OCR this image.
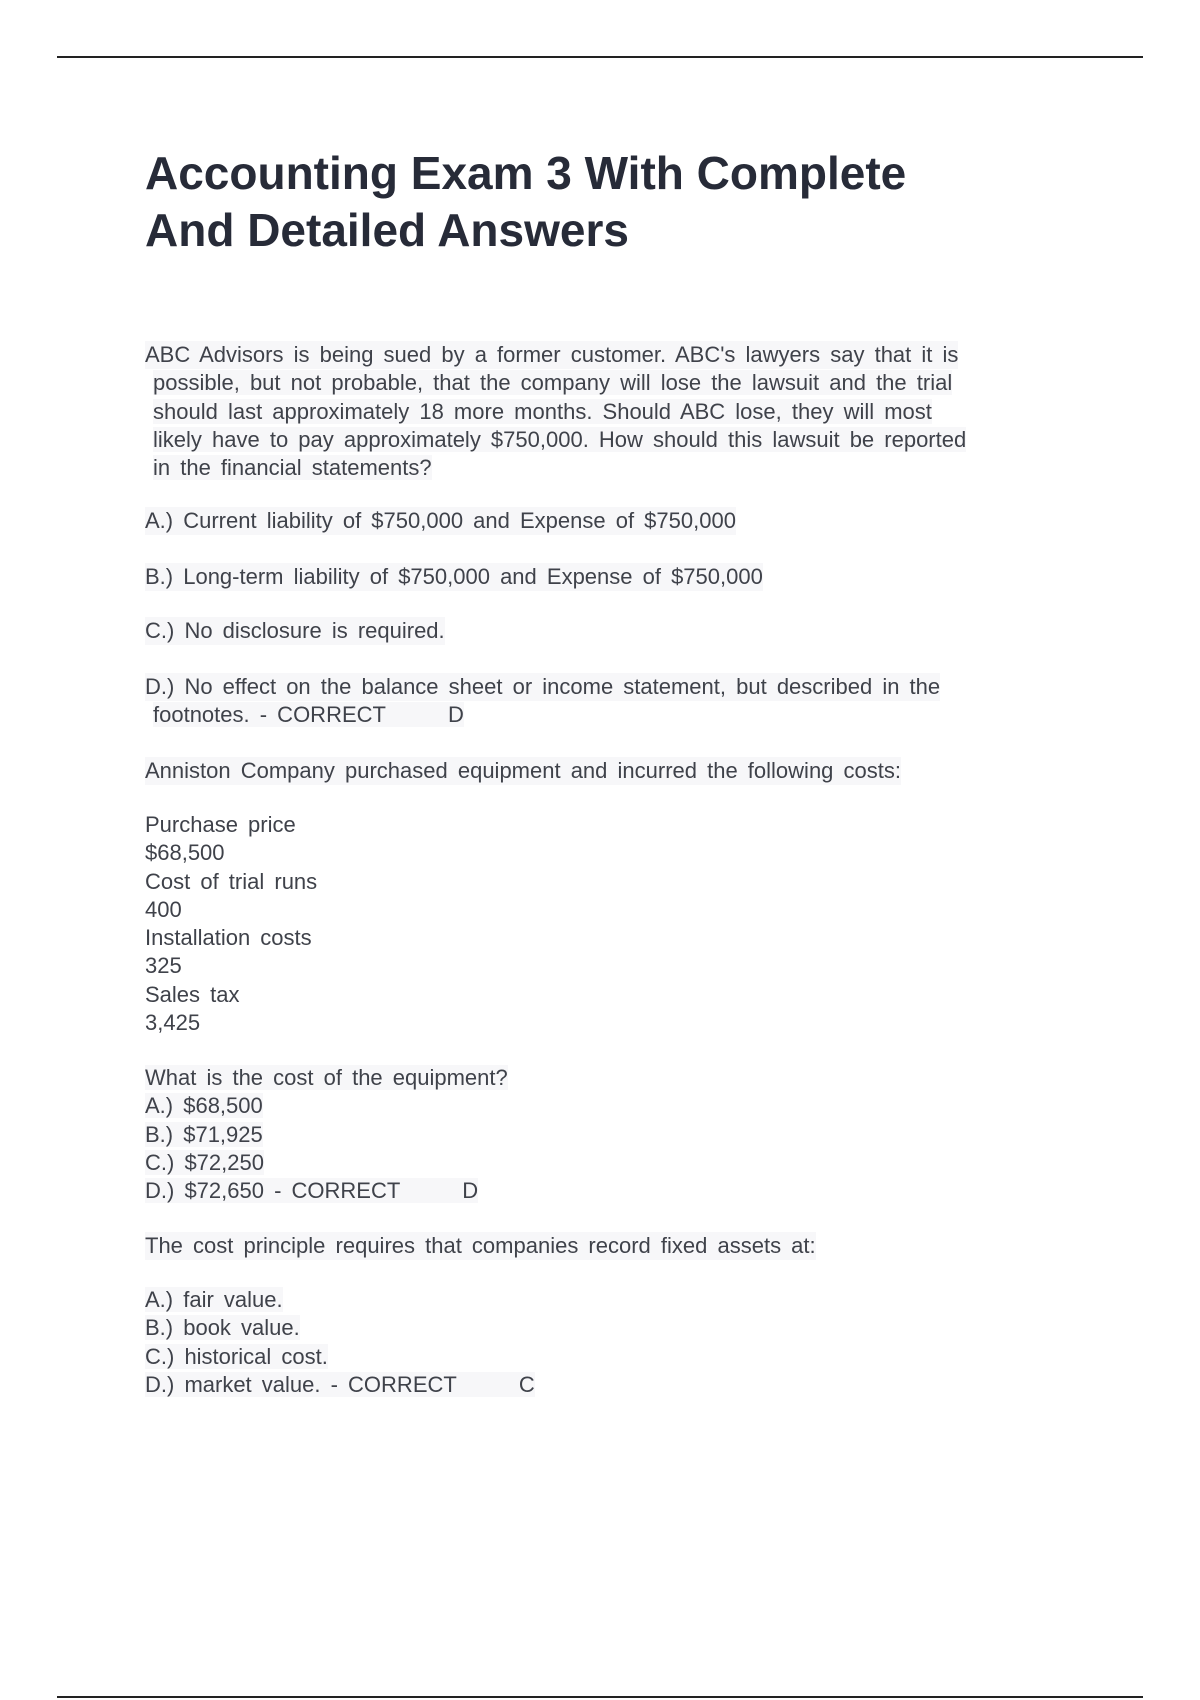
Accounting Exam 3 With Complete
And Detailed Answers
ABC Advisors is being sued by a former customer. ABC's lawyers say that it is
possible, but not probable, that the company will lose the lawsuit and the trial
should last approximately 18 more months. Should ABC lose, they will most
likely have to pay approximately $750,000. How should this lawsuit be reported
in the financial statements?
A.) Current liability of $750,000 and Expense of $750,000
B.) Long-term liability of $750,000 and Expense of $750,000
C.) No disclosure is required.
D.) No effect on the balance sheet or income statement, but described in the
footnotes. - CORRECT	D
Anniston Company purchased equipment and incurred the following costs:
Purchase price
$68,500
Cost of trial runs
400
Installation costs
325
Sales tax
3,425
What is the cost of the equipment?
A.) $68,500
B.) $71,925
C.) $72,250
D.) $72,650 - CORRECT	D
The cost principle requires that companies record fixed assets at:
A.) fair value.
B.) book value.
C.) historical cost.
D.) market value. - CORRECT	C
